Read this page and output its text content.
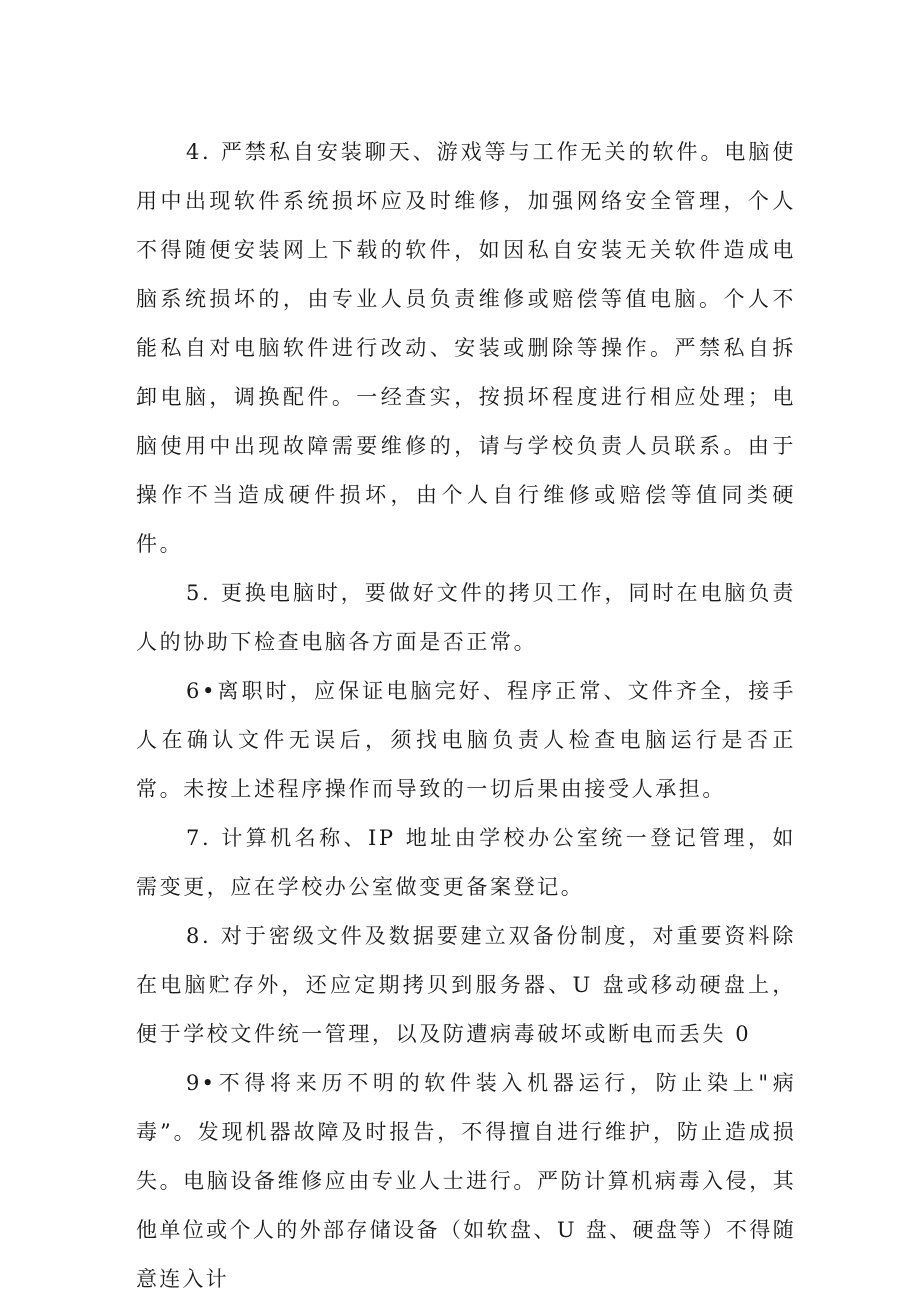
4. 严禁私自安装聊天、游戏等与工作无关的软件。电脑使用中出现软件系统损坏应及时维修，加强网络安全管理，个人不得随便安装网上下载的软件，如因私自安装无关软件造成电脑系统损坏的，由专业人员负责维修或赔偿等值电脑。个人不能私自对电脑软件进行改动、安装或删除等操作。严禁私自拆卸电脑，调换配件。一经查实，按损坏程度进行相应处理；电脑使用中出现故障需要维修的，请与学校负责人员联系。由于操作不当造成硬件损坏，由个人自行维修或赔偿等值同类硬件。

5. 更换电脑时，要做好文件的拷贝工作，同时在电脑负责人的协助下检查电脑各方面是否正常。

6•离职时，应保证电脑完好、程序正常、文件齐全，接手人在确认文件无误后，须找电脑负责人检查电脑运行是否正常。未按上述程序操作而导致的一切后果由接受人承担。

7. 计算机名称、IP 地址由学校办公室统一登记管理，如需变更，应在学校办公室做变更备案登记。

8. 对于密级文件及数据要建立双备份制度，对重要资料除在电脑贮存外，还应定期拷贝到服务器、U 盘或移动硬盘上，便于学校文件统一管理，以及防遭病毒破坏或断电而丢失 0

9•不得将来历不明的软件装入机器运行，防止染上"病毒”。发现机器故障及时报告，不得擅自进行维护，防止造成损失。电脑设备维修应由专业人士进行。严防计算机病毒入侵，其他单位或个人的外部存储设备（如软盘、U 盘、硬盘等）不得随意连入计
